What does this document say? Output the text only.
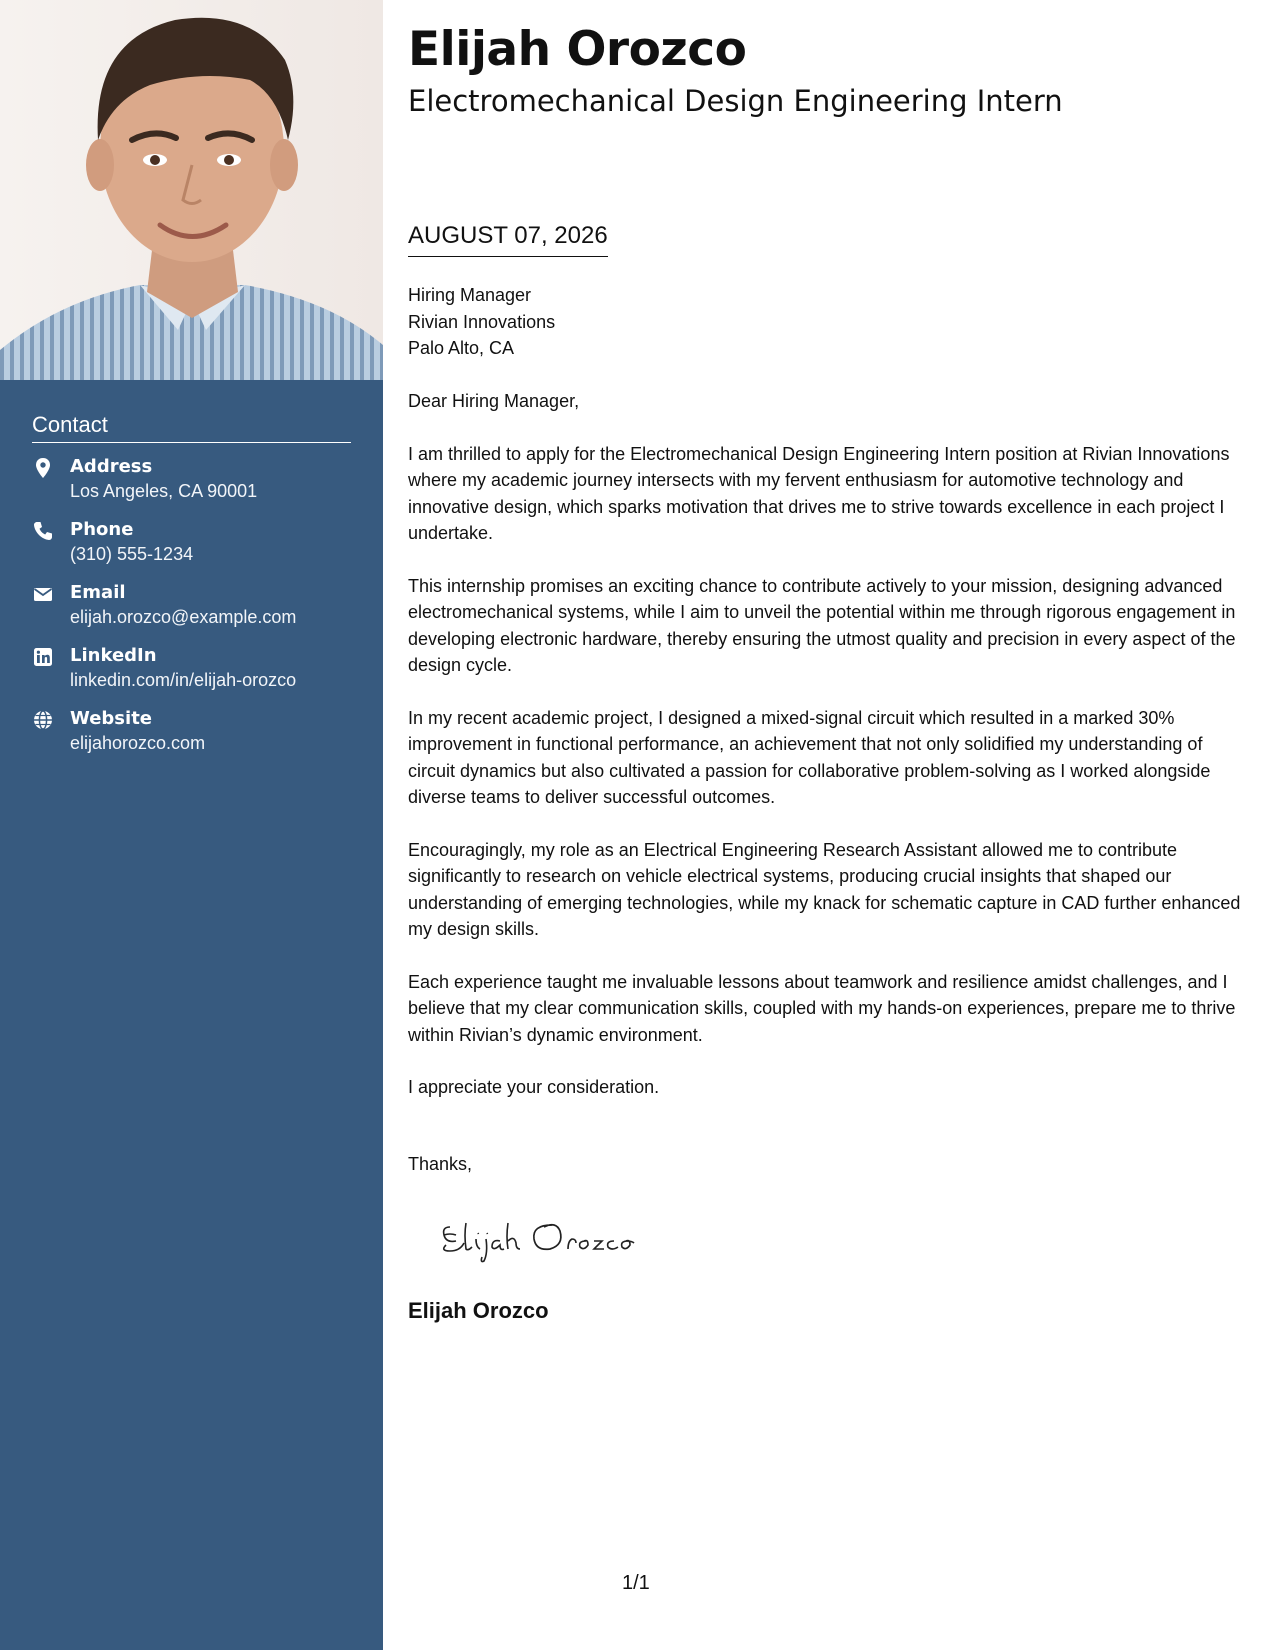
Contact
Address
Los Angeles, CA 90001
Phone
(310) 555-1234
Email
elijah.orozco@example.com
LinkedIn
linkedin.com/in/elijah-orozco
Website
elijahorozco.com
Elijah Orozco
Electromechanical Design Engineering Intern
AUGUST 07, 2026
Hiring Manager
Rivian Innovations
Palo Alto, CA

Dear Hiring Manager,

I am thrilled to apply for the Electromechanical Design Engineering Intern position at Rivian Innovations where my academic journey intersects with my fervent enthusiasm for automotive technology and innovative design, which sparks motivation that drives me to strive towards excellence in each project I undertake.

This internship promises an exciting chance to contribute actively to your mission, designing advanced electromechanical systems, while I aim to unveil the potential within me through rigorous engagement in developing electronic hardware, thereby ensuring the utmost quality and precision in every aspect of the design cycle.

In my recent academic project, I designed a mixed-signal circuit which resulted in a marked 30% improvement in functional performance, an achievement that not only solidified my understanding of circuit dynamics but also cultivated a passion for collaborative problem-solving as I worked alongside diverse teams to deliver successful outcomes.

Encouragingly, my role as an Electrical Engineering Research Assistant allowed me to contribute significantly to research on vehicle electrical systems, producing crucial insights that shaped our understanding of emerging technologies, while my knack for schematic capture in CAD further enhanced my design skills.

Each experience taught me invaluable lessons about teamwork and resilience amidst challenges, and I believe that my clear communication skills, coupled with my hands-on experiences, prepare me to thrive within Rivian’s dynamic environment.

I appreciate your consideration.

Thanks,
Elijah Orozco
1/1
